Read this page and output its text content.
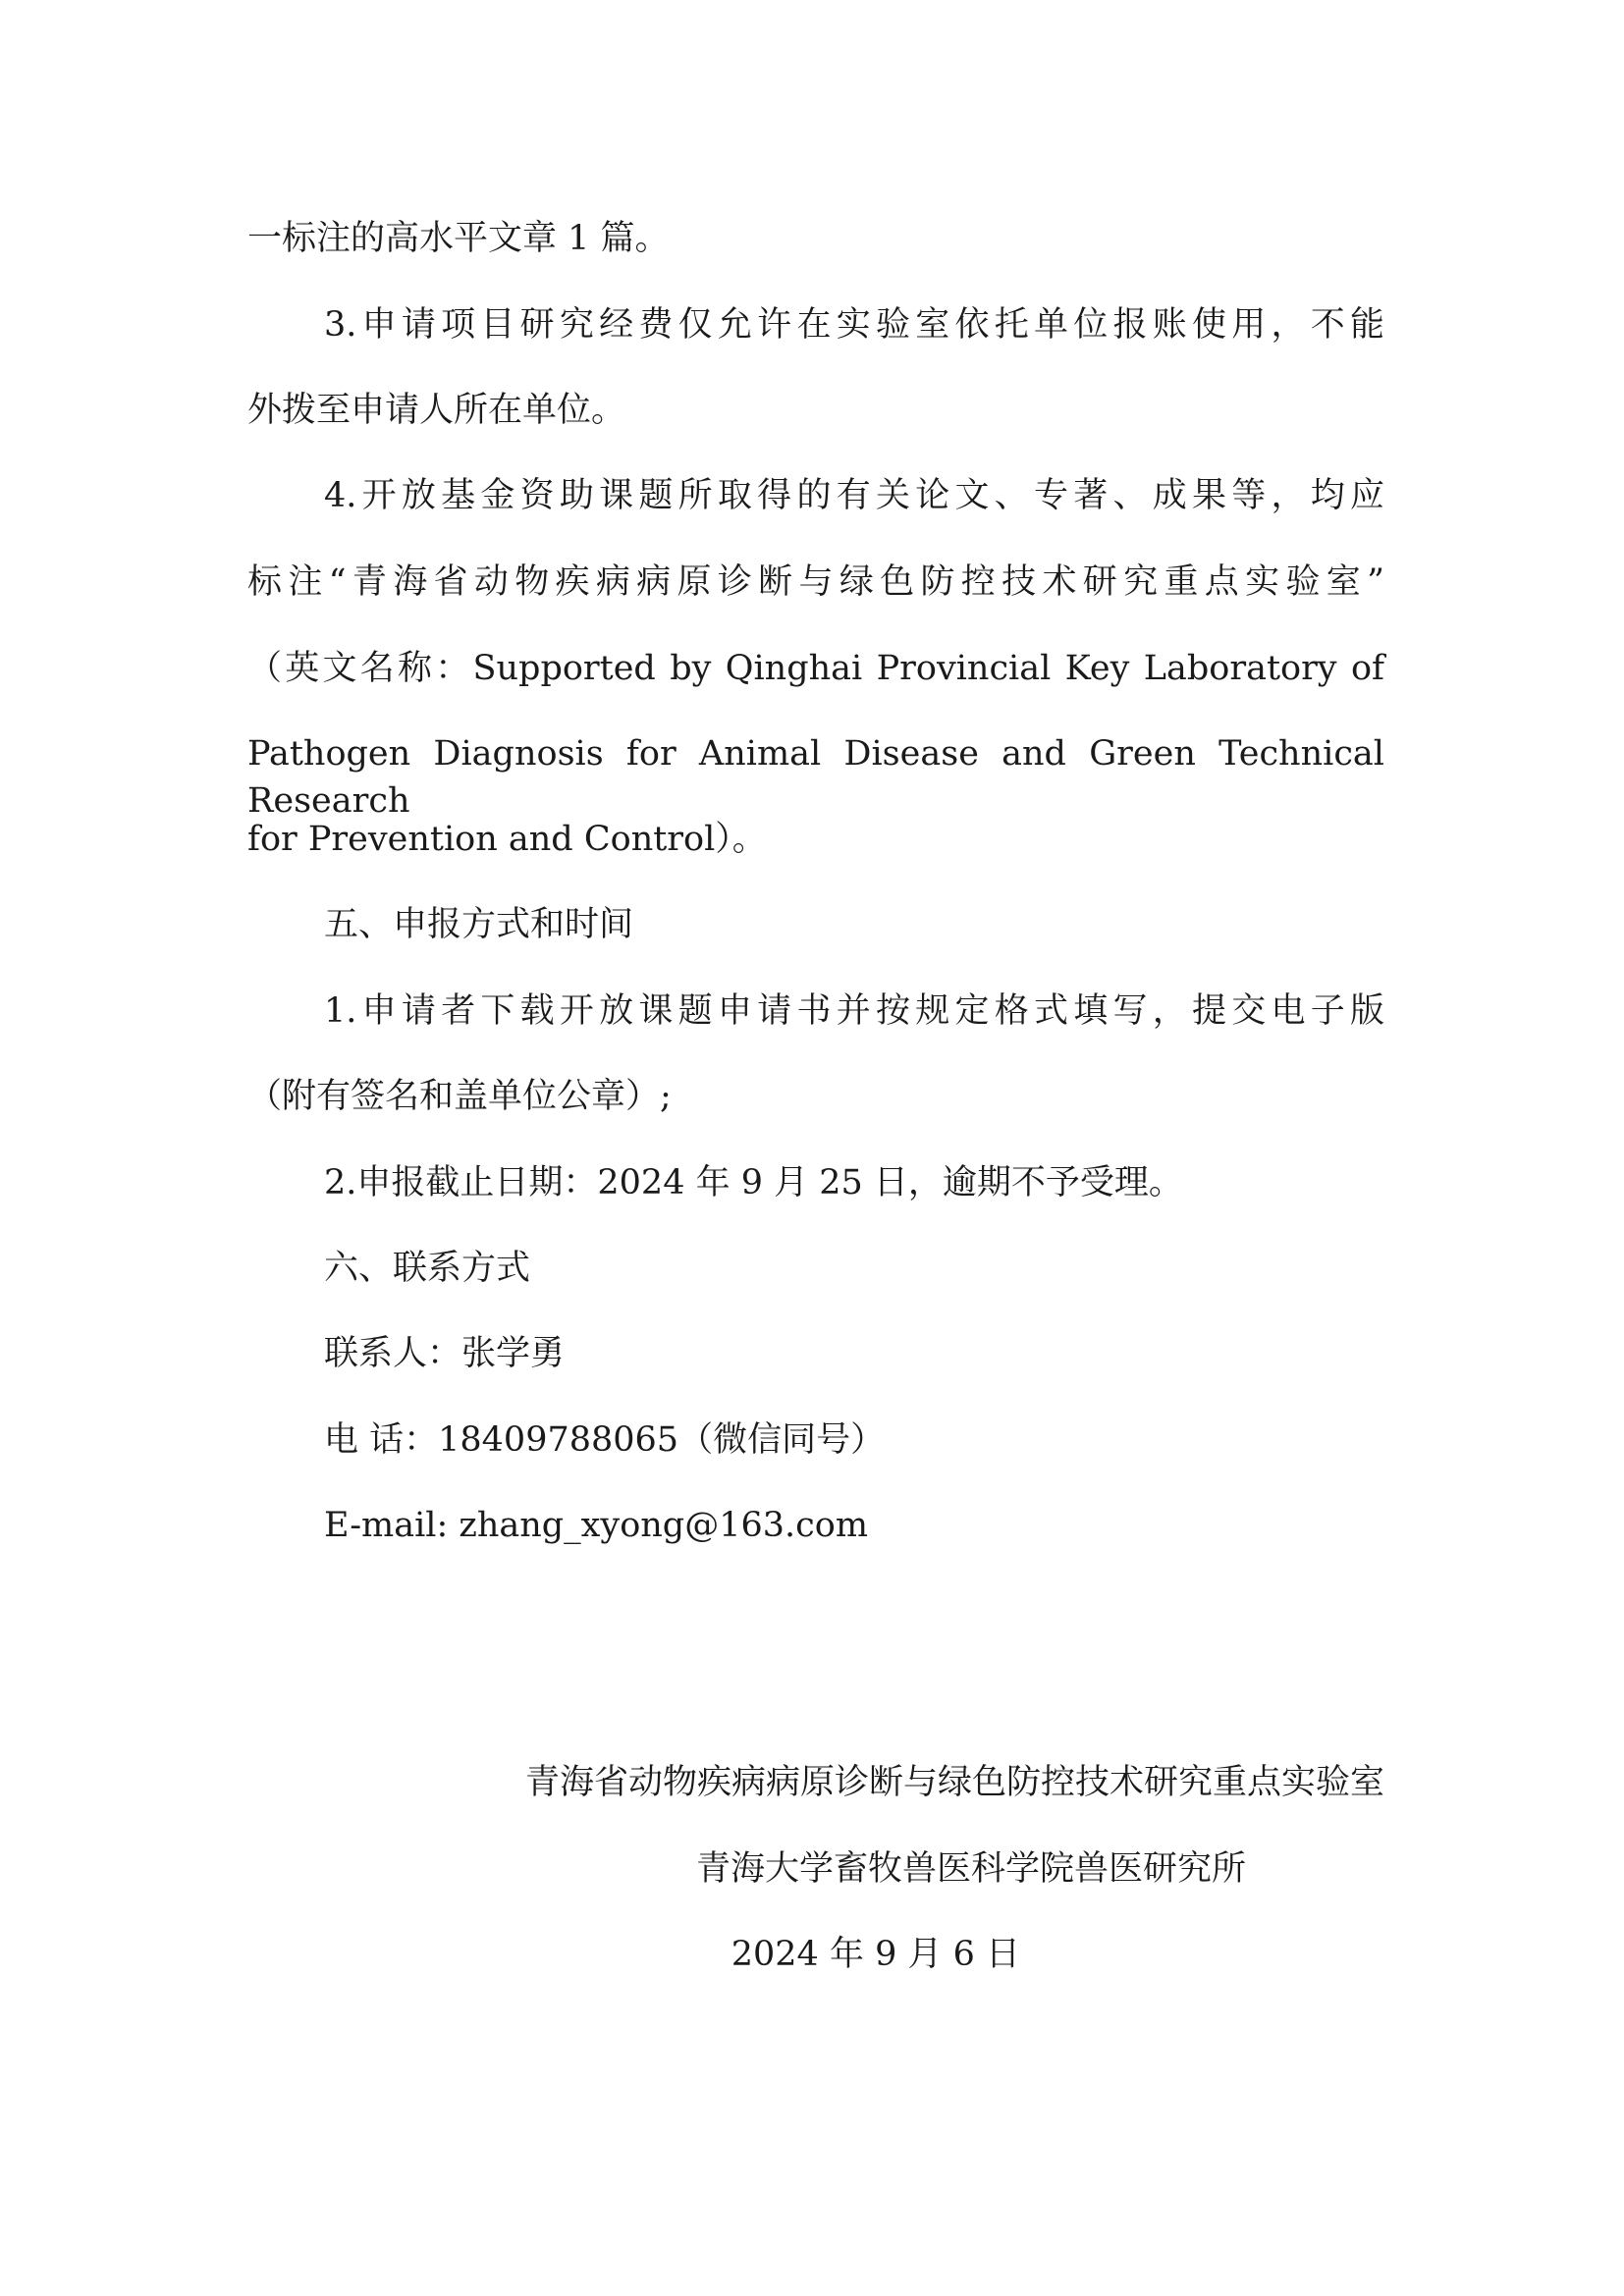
一标注的高水平文章 1 篇。
3.申请项目研究经费仅允许在实验室依托单位报账使用，不能
外拨至申请人所在单位。
4.开放基金资助课题所取得的有关论文、专著、成果等，均应
标注“青海省动物疾病病原诊断与绿色防控技术研究重点实验室”
（英文名称：Supported by Qinghai Provincial Key Laboratory of
Pathogen Diagnosis for Animal Disease and Green Technical Research
for Prevention and Control）。
五、申报方式和时间
1.申请者下载开放课题申请书并按规定格式填写，提交电子版
（附有签名和盖单位公章）;
2.申报截止日期：2024 年 9 月 25 日，逾期不予受理。
六、联系方式
联系人：张学勇
电 话：18409788065（微信同号）
E-mail: zhang_xyong@163.com
青海省动物疾病病原诊断与绿色防控技术研究重点实验室
青海大学畜牧兽医科学院兽医研究所
2024 年 9 月 6 日
